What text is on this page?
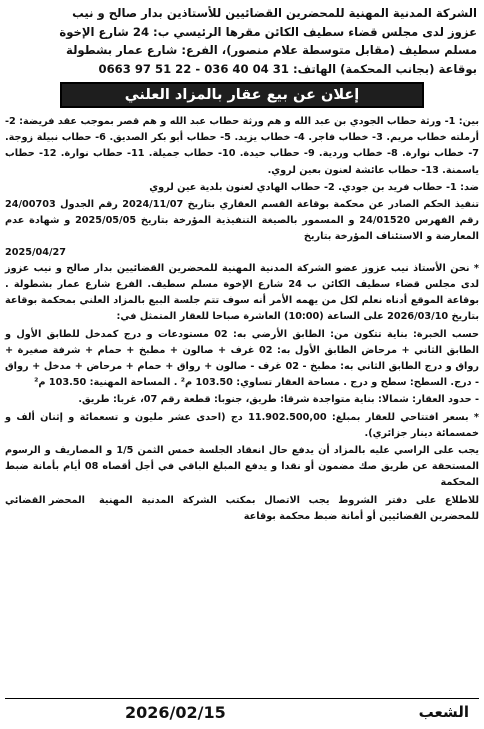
الشركة المدنية المهنية للمحضرين القضائيين للأستاذين بدار صالح و نيب
عزوز لدى مجلس قضاء سطيف الكائن مقرها الرئيسي ب: 24 شارع الإخوة
مسلم سطيف (مقابل متوسطة علام منصور)، الفرع: شارع عمار بشطولة
بوقاعة (بجانب المحكمة) الهاتف: 0663 97 51 22 - 036 40 04 31
إعلان عن بيع عقار بالمزاد العلني

بين: 1- ورثة حطاب الجودي بن عبد الله و هم ورثة حطاب عبد الله و هم قصر بموجب عقد فريضة: 2- أرملته خطاب مريم. 3- خطاب فاجر. 4- خطاب يزيد. 5- حطاب أبو بكر الصديق. 6- حطاب نبيلة زوجة. 7- خطاب نوارة. 8- خطاب وردية. 9- حطاب حيدة. 10- حطاب جميلة. 11- حطاب نوارة. 12- حطاب ياسمنة. 13- حطاب عائشة لعنون بعين لروي.

ضد: 1- حطاب فريد بن جودي. 2- حطاب الهادي لعنون بلدية عين لروي

تنفيذ الحكم الصادر عن محكمة بوقاعة القسم العقاري بتاريخ 2024/11/07 رقم الجدول 24/00703 رقم الفهرس 24/01520 و المسمور بالصيغة التنفيذية المؤرخة بتاريخ 2025/05/05 و شهادة عدم المعارضة و الاستئناف المؤرخة بتاريخ

2025/04/27

* نحن الأستاذ نيب عزوز عضو الشركة المدنية المهنية للمحضرين القضائيين بدار صالح و نيب عزوز لدى مجلس قضاء سطيف الكائن ب 24 شارع الإخوة مسلم سطيف. الفرع شارع عمار بشطولة . بوقاعة الموقع أدناه نعلم لكل من يهمه الأمر أنه سوف تتم جلسة البيع بالمزاد العلني بمحكمة بوقاعة بتاريخ 2026/03/10 على الساعة (10:00) العاشرة صباحا للعقار المتمثل في:

حسب الخبرة: بناية تتكون من: الطابق الأرضي به: 02 مستودعات و درج كمدخل للطابق الأول و الطابق الثاني + مرحاض الطابق الأول به: 02 غرف + صالون + مطبخ + حمام + شرفة صغيرة + رواق و درج الطابق الثاني به: مطبخ - 02 غرف - صالون + رواق + حمام + مرحاض + مدخل + رواق - درج. السطح: سطح و درج . مساحة العقار تساوي: 103.50 م² . المساحة المهنية: 103.50 م²

- حدود العقار: شمالا: بناية متواجدة شرقا: طريق، جنوبا: قطعة رقم 07، غربا: طريق.

* بسعر افتتاحي للعقار بمبلغ: 11.902.500,00 دج (احدى عشر مليون و تسعمائة و إثنان ألف و خمسمائة دينار جزائري).

يجب على الراسي عليه بالمزاد أن يدفع حال انعقاد الجلسة خمس الثمن 1/5 و المصاريف و الرسوم المستحقة عن طريق صك مضمون أو نقدا و يدفع المبلغ الباقي في أجل أقصاه 08 أيام بأمانة ضبط المحكمة

للاطلاع على دفتر الشروط يجب الاتصال بمكتب الشركة المدنية المهنية للمحضرين القضائيين أو أمانة ضبط محكمة بوقاعة

المحضر القضائي
الشعب
2026/02/15
